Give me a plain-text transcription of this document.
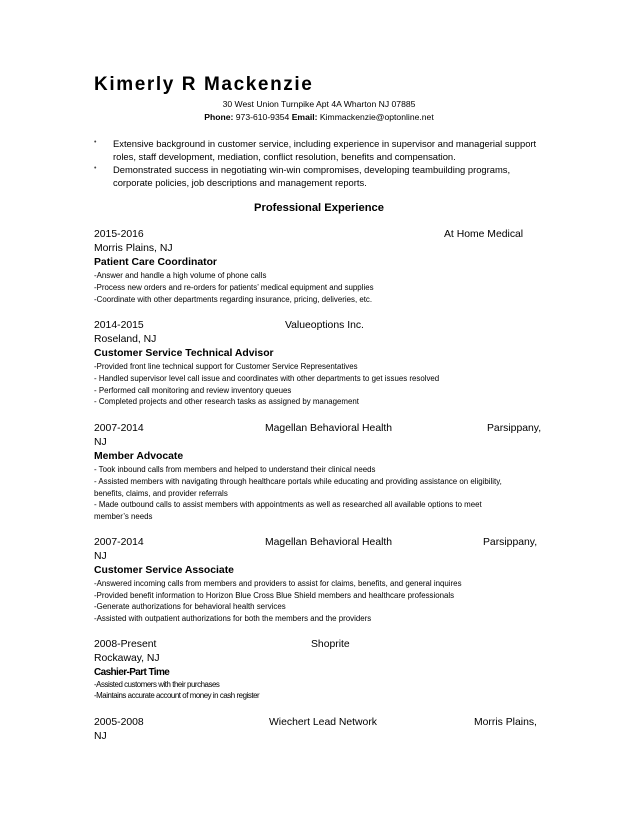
Kimerly R Mackenzie
30 West Union Turnpike Apt 4A Wharton NJ 07885
Phone: 973-610-9354 Email: Kimmackenzie@optonline.net
• Extensive background in customer service, including experience in supervisor and managerial support
roles, staff development, mediation, conflict resolution, benefits and compensation.
• Demonstrated success in negotiating win-win compromises, developing teambuilding programs,
corporate policies, job descriptions and management reports.
Professional Experience
2015-2016	At Home Medical
Morris Plains, NJ
Patient Care Coordinator
-Answer and handle a high volume of phone calls
-Process new orders and re-orders for patients’ medical equipment and supplies
-Coordinate with other departments regarding insurance, pricing, deliveries, etc.
2014-2015	Valueoptions Inc.
Roseland, NJ
Customer Service Technical Advisor
-Provided front line technical support for Customer Service Representatives
- Handled supervisor level call issue and coordinates with other departments to get issues resolved
- Performed call monitoring and review inventory queues
- Completed projects and other research tasks as assigned by management
2007-2014	Magellan Behavioral Health	Parsippany,
NJ
Member Advocate
- Took inbound calls from members and helped to understand their clinical needs
- Assisted members with navigating through healthcare portals while educating and providing assistance on eligibility,
benefits, claims, and provider referrals
- Made outbound calls to assist members with appointments as well as researched all available options to meet
member’s needs
2007-2014	Magellan Behavioral Health	Parsippany,
NJ
Customer Service Associate
-Answered incoming calls from members and providers to assist for claims, benefits, and general inquires
-Provided benefit information to Horizon Blue Cross Blue Shield members and healthcare professionals
-Generate authorizations for behavioral health services
-Assisted with outpatient authorizations for both the members and the providers
2008-Present	Shoprite
Rockaway, NJ
Cashier-Part Time
-Assisted customers with their purchases
-Maintains accurate account of money in cash register
2005-2008	Wiechert Lead Network	Morris Plains,
NJ
